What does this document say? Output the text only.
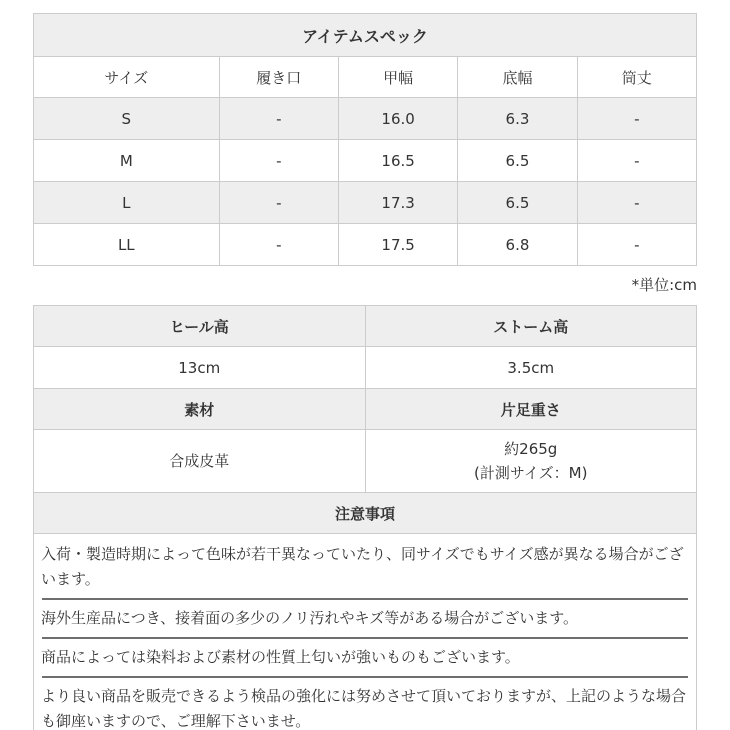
アイテムスペック				
サイズ	履き口	甲幅	底幅	筒丈
S	-	16.0	6.3	-
M	-	16.5	6.5	-
L	-	17.3	6.5	-
LL	-	17.5	6.8	-
*単位:cm
ヒール高	ストーム高
13cm	3.5cm
素材	片足重さ
合成皮革	約265g
(計測サイズ：M)

注意事項	

入荷・製造時期によって色味が若干異なっていたり、同サイズでもサイズ感が異なる場合がございます。
海外生産品につき、接着面の多少のノリ汚れやキズ等がある場合がございます。
商品によっては染料および素材の性質上匂いが強いものもございます。
より良い商品を販売できるよう検品の強化には努めさせて頂いておりますが、上記のような場合も御座いますので、ご理解下さいませ。	
